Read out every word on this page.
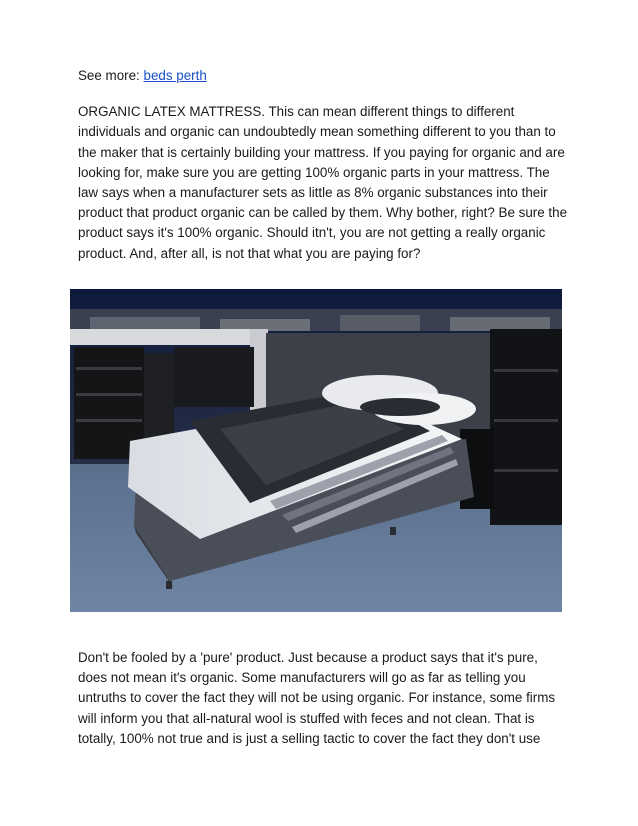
See more: beds perth

ORGANIC LATEX MATTRESS. This can mean different things to different individuals and organic can undoubtedly mean something different to you than to the maker that is certainly building your mattress. If you paying for organic and are looking for, make sure you are getting 100% organic parts in your mattress. The law says when a manufacturer sets as little as 8% organic substances into their product that product organic can be called by them. Why bother, right? Be sure the product says it's 100% organic. Should itn't, you are not getting a really organic product. And, after all, is not that what you are paying for?

Don't be fooled by a 'pure' product. Just because a product says that it's pure, does not mean it's organic. Some manufacturers will go as far as telling you untruths to cover the fact they will not be using organic. For instance, some firms will inform you that all-natural wool is stuffed with feces and not clean. That is totally, 100% not true and is just a selling tactic to cover the fact they don't use
